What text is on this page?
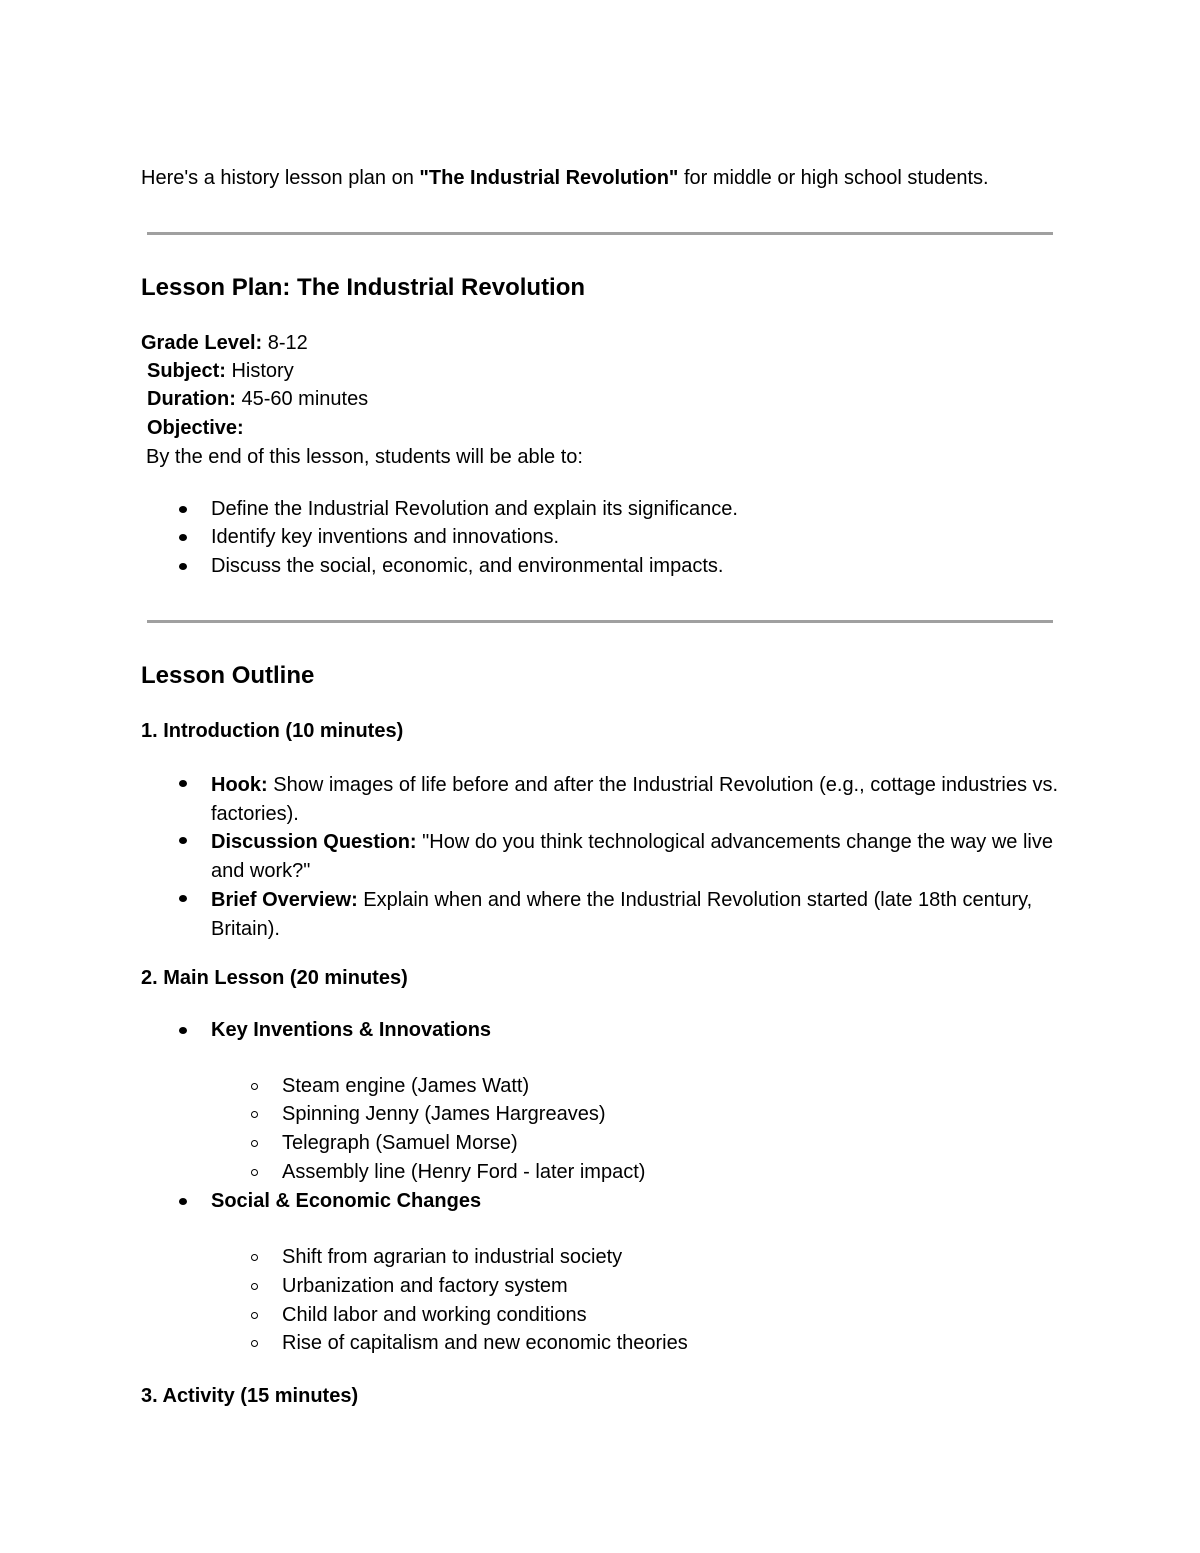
Here's a history lesson plan on "The Industrial Revolution" for middle or high school students.
Lesson Plan: The Industrial Revolution
Grade Level: 8-12
Subject: History
Duration: 45-60 minutes
Objective:
By the end of this lesson, students will be able to:
Define the Industrial Revolution and explain its significance.
Identify key inventions and innovations.
Discuss the social, economic, and environmental impacts.
Lesson Outline
1. Introduction (10 minutes)
Hook: Show images of life before and after the Industrial Revolution (e.g., cottage industries vs. factories).
Discussion Question: "How do you think technological advancements change the way we live and work?"
Brief Overview: Explain when and where the Industrial Revolution started (late 18th century, Britain).
2. Main Lesson (20 minutes)
Key Inventions & Innovations
Steam engine (James Watt)
Spinning Jenny (James Hargreaves)
Telegraph (Samuel Morse)
Assembly line (Henry Ford - later impact)
Social & Economic Changes
Shift from agrarian to industrial society
Urbanization and factory system
Child labor and working conditions
Rise of capitalism and new economic theories
3. Activity (15 minutes)
